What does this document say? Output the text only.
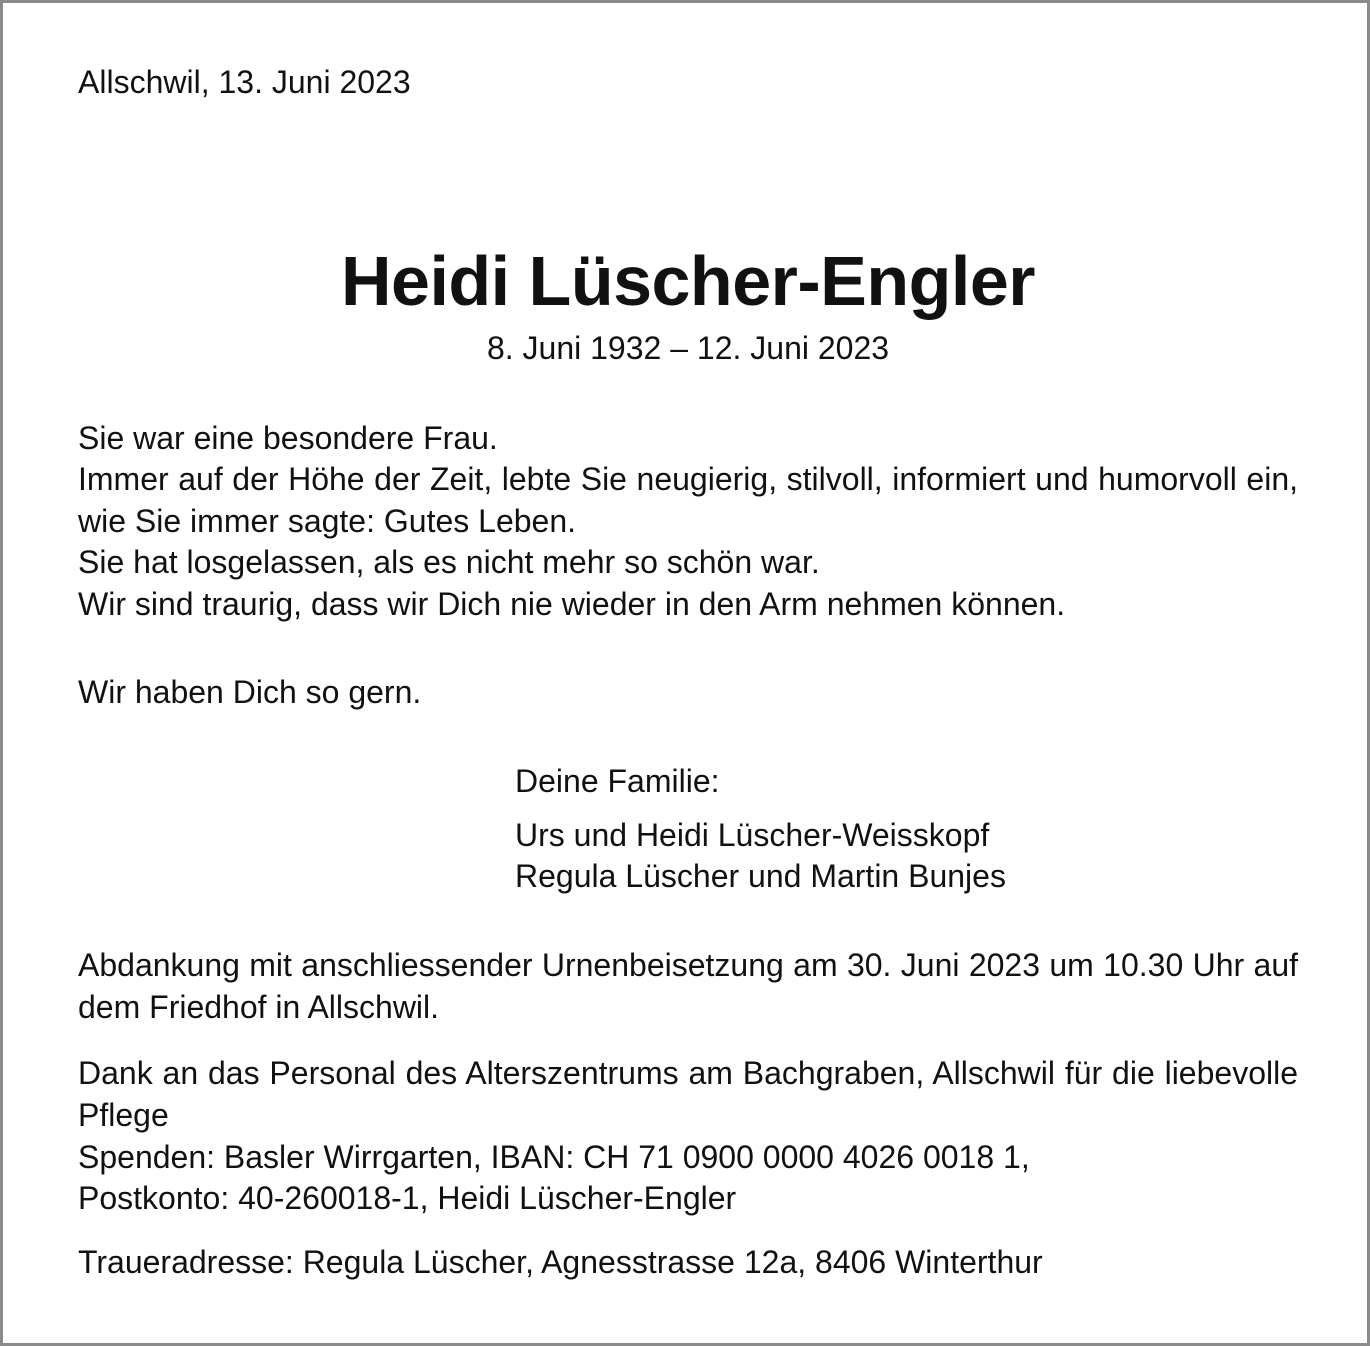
Allschwil, 13. Juni 2023
Heidi Lüscher-Engler
8. Juni 1932 – 12. Juni 2023
Sie war eine besondere Frau.
Immer auf der Höhe der Zeit, lebte Sie neugierig, stilvoll, informiert und humorvoll ein, wie Sie immer sagte: Gutes Leben.
Sie hat losgelassen, als es nicht mehr so schön war.
Wir sind traurig, dass wir Dich nie wieder in den Arm nehmen können.
Wir haben Dich so gern.
Deine Familie:
Urs und Heidi Lüscher-Weisskopf
Regula Lüscher und Martin Bunjes
Abdankung mit anschliessender Urnenbeisetzung am 30. Juni 2023 um 10.30 Uhr auf dem Friedhof in Allschwil.
Dank an das Personal des Alterszentrums am Bachgraben, Allschwil für die liebevolle Pflege
Spenden: Basler Wirrgarten, IBAN: CH 71 0900 0000 4026 0018 1,
Postkonto: 40-260018-1, Heidi Lüscher-Engler
Traueradresse: Regula Lüscher, Agnesstrasse 12a, 8406 Winterthur
